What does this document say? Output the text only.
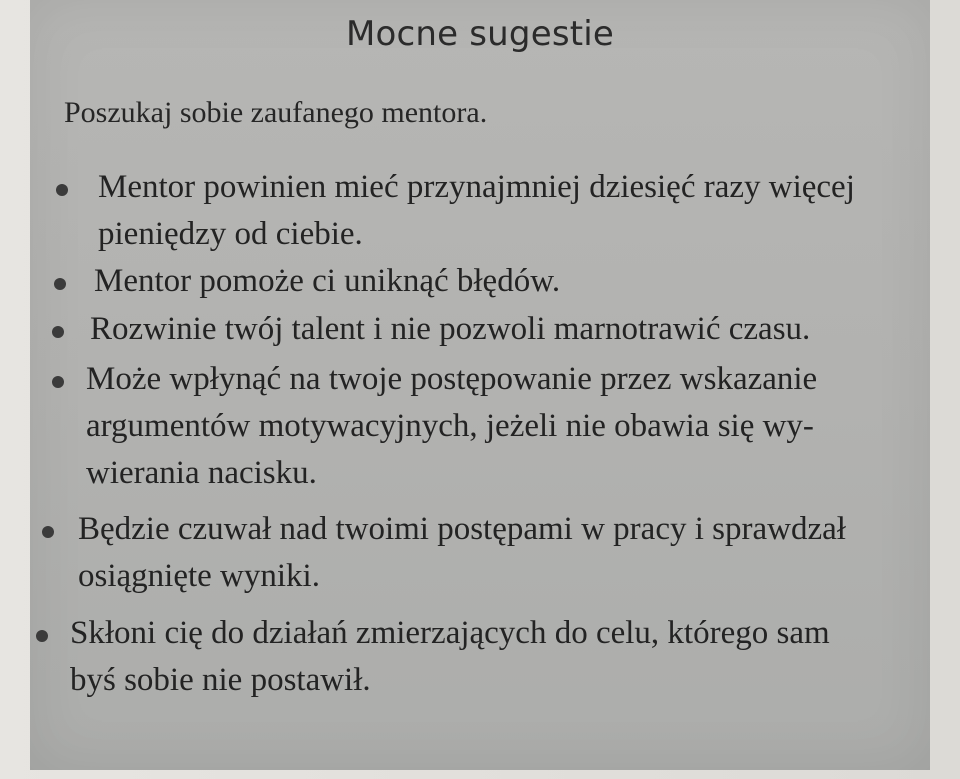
Mocne sugestie
Poszukaj sobie zaufanego mentora.
Mentor powinien mieć przynajmniej dziesięć razy więcej
pieniędzy od ciebie.
Mentor pomoże ci uniknąć błędów.
Rozwinie twój talent i nie pozwoli marnotrawić czasu.
Może wpłynąć na twoje postępowanie przez wskazanie
argumentów motywacyjnych, jeżeli nie obawia się wy-
wierania nacisku.
Będzie czuwał nad twoimi postępami w pracy i sprawdzał
osiągnięte wyniki.
Skłoni cię do działań zmierzających do celu, którego sam
byś sobie nie postawił.
